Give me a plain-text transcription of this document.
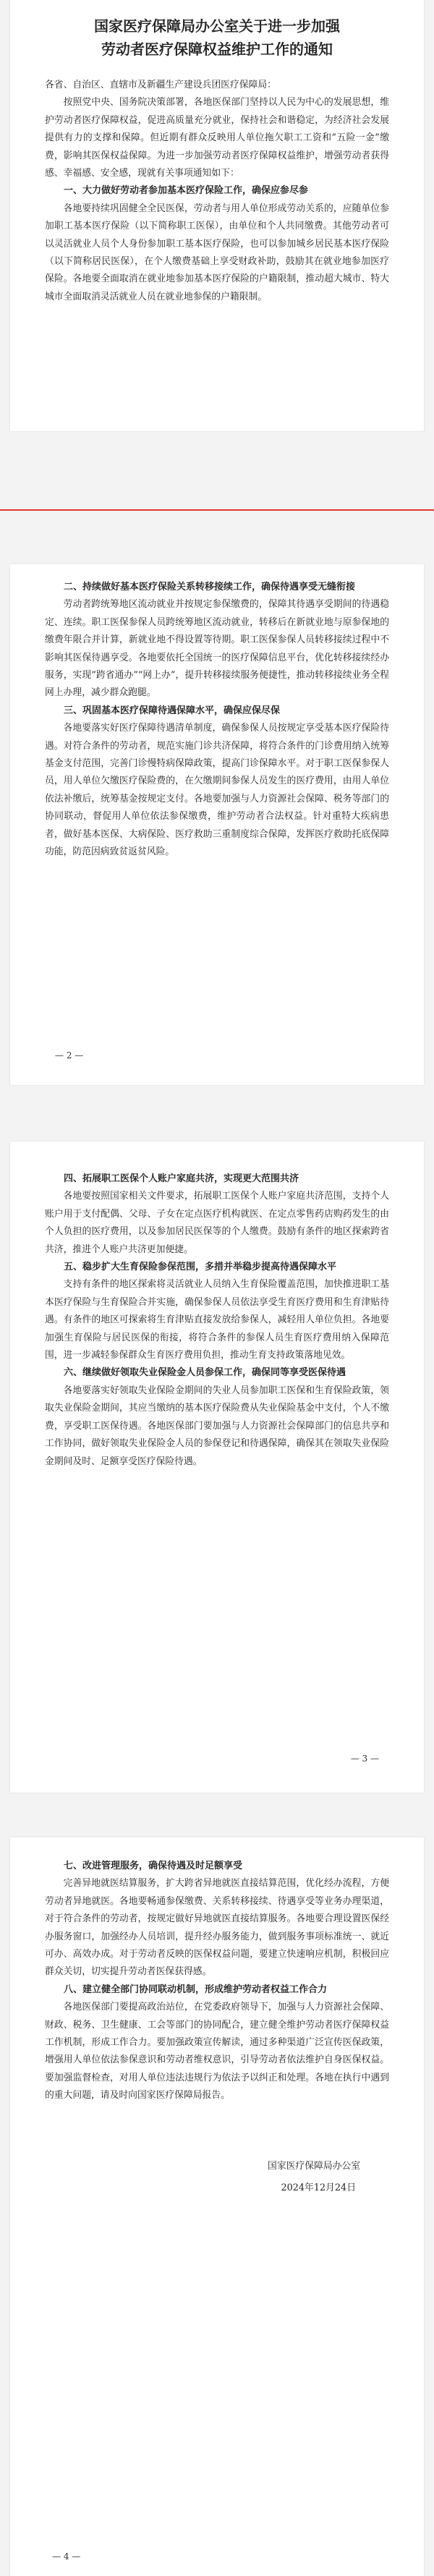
国家医疗保障局办公室关于进一步加强

劳动者医疗保障权益维护工作的通知

各省、自治区、直辖市及新疆生产建设兵团医疗保障局：

按照党中央、国务院决策部署，各地医保部门坚持以人民为中心的发展思想，维护劳动者医疗保障权益，促进高质量充分就业，保持社会和谐稳定，为经济社会发展提供有力的支撑和保障。但近期有群众反映用人单位拖欠职工工资和“五险一金”缴费，影响其医保权益保障。为进一步加强劳动者医疗保障权益维护，增强劳动者获得感、幸福感、安全感，现就有关事项通知如下：

一、大力做好劳动者参加基本医疗保险工作，确保应参尽参

各地要持续巩固健全全民医保，劳动者与用人单位形成劳动关系的，应随单位参加职工基本医疗保险（以下简称职工医保），由单位和个人共同缴费。其他劳动者可以灵活就业人员个人身份参加职工基本医疗保险，也可以参加城乡居民基本医疗保险（以下简称居民医保），在个人缴费基础上享受财政补助，鼓励其在就业地参加医疗保险。各地要全面取消在就业地参加基本医疗保险的户籍限制，推动超大城市、特大城市全面取消灵活就业人员在就业地参保的户籍限制。

二、持续做好基本医疗保险关系转移接续工作，确保待遇享受无缝衔接

劳动者跨统筹地区流动就业并按规定参保缴费的，保障其待遇享受期间的待遇稳定、连续。职工医保参保人员跨统筹地区流动就业，转移后在新就业地与原参保地的缴费年限合并计算，新就业地不得设置等待期。职工医保参保人员转移接续过程中不影响其医保待遇享受。各地要依托全国统一的医疗保障信息平台，优化转移接续经办服务，实现“跨省通办”“网上办”，提升转移接续服务便捷性，推动转移接续业务全程网上办理，减少群众跑腿。

三、巩固基本医疗保障待遇保障水平，确保应保尽保

各地要落实好医疗保障待遇清单制度，确保参保人员按规定享受基本医疗保险待遇。对符合条件的劳动者，规范实施门诊共济保障，将符合条件的门诊费用纳入统筹基金支付范围，完善门诊慢特病保障政策，提高门诊保障水平。对于职工医保参保人员，用人单位欠缴医疗保险费的，在欠缴期间参保人员发生的医疗费用，由用人单位依法补缴后，统筹基金按规定支付。各地要加强与人力资源社会保障、税务等部门的协同联动，督促用人单位依法参保缴费，维护劳动者合法权益。针对重特大疾病患者，做好基本医保、大病保险、医疗救助三重制度综合保障，发挥医疗救助托底保障功能，防范因病致贫返贫风险。

— 2 —

四、拓展职工医保个人账户家庭共济，实现更大范围共济

各地要按照国家相关文件要求，拓展职工医保个人账户家庭共济范围，支持个人账户用于支付配偶、父母、子女在定点医疗机构就医、在定点零售药店购药发生的由个人负担的医疗费用，以及参加居民医保等的个人缴费。鼓励有条件的地区探索跨省共济，推进个人账户共济更加便捷。

五、稳步扩大生育保险参保范围，多措并举稳步提高待遇保障水平

支持有条件的地区探索将灵活就业人员纳入生育保险覆盖范围，加快推进职工基本医疗保险与生育保险合并实施，确保参保人员依法享受生育医疗费用和生育津贴待遇。有条件的地区可探索将生育津贴直接发放给参保人，减轻用人单位负担。各地要加强生育保险与居民医保的衔接，将符合条件的参保人员生育医疗费用纳入保障范围，进一步减轻参保群众生育医疗费用负担，推动生育支持政策落地见效。

六、继续做好领取失业保险金人员参保工作，确保同等享受医保待遇

各地要落实好领取失业保险金期间的失业人员参加职工医保和生育保险政策，领取失业保险金期间，其应当缴纳的基本医疗保险费从失业保险基金中支付，个人不缴费，享受职工医保待遇。各地医保部门要加强与人力资源社会保障部门的信息共享和工作协同，做好领取失业保险金人员的参保登记和待遇保障，确保其在领取失业保险金期间及时、足额享受医疗保险待遇。

— 3 —

七、改进管理服务，确保待遇及时足额享受

完善异地就医结算服务，扩大跨省异地就医直接结算范围，优化经办流程，方便劳动者异地就医。各地要畅通参保缴费、关系转移接续、待遇享受等业务办理渠道，对于符合条件的劳动者，按规定做好异地就医直接结算服务。各地要合理设置医保经办服务窗口，加强经办人员培训，提升经办服务能力，做到服务事项标准统一、就近可办、高效办成。对于劳动者反映的医保权益问题，要建立快速响应机制，积极回应群众关切，切实提升劳动者医保获得感。

八、建立健全部门协同联动机制，形成维护劳动者权益工作合力

各地医保部门要提高政治站位，在党委政府领导下，加强与人力资源社会保障、财政、税务、卫生健康、工会等部门的协同配合，建立健全维护劳动者医疗保障权益工作机制，形成工作合力。要加强政策宣传解读，通过多种渠道广泛宣传医保政策，增强用人单位依法参保意识和劳动者维权意识，引导劳动者依法维护自身医保权益。要加强监督检查，对用人单位违法违规行为依法予以纠正和处理。各地在执行中遇到的重大问题，请及时向国家医疗保障局报告。

国家医疗保障局办公室

2024年12月24日

— 4 —
